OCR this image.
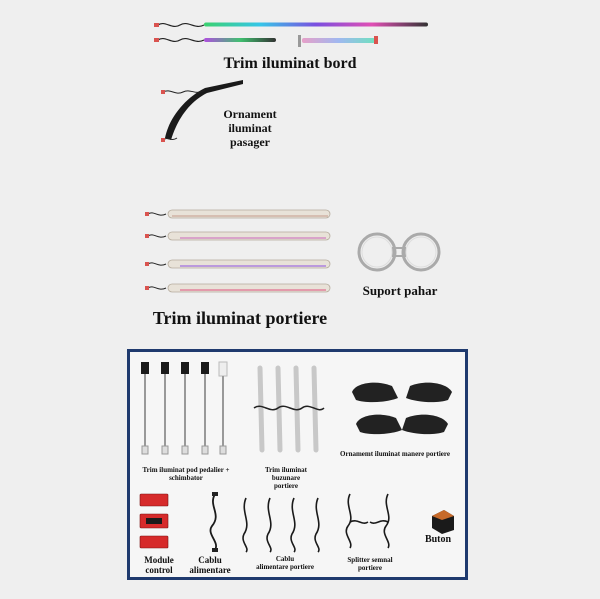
Trim iluminat bord
Ornament
iluminat
pasager
Trim iluminat portiere
Suport pahar
Trim iluminat pod pedalier +
schimbator
Trim iluminat
buzunare
portiere
Ornamemt iluminat manere portiere
Module
control
Cablu
alimentare
Cablu
alimentare portiere
Splitter semnal
portiere
Buton
